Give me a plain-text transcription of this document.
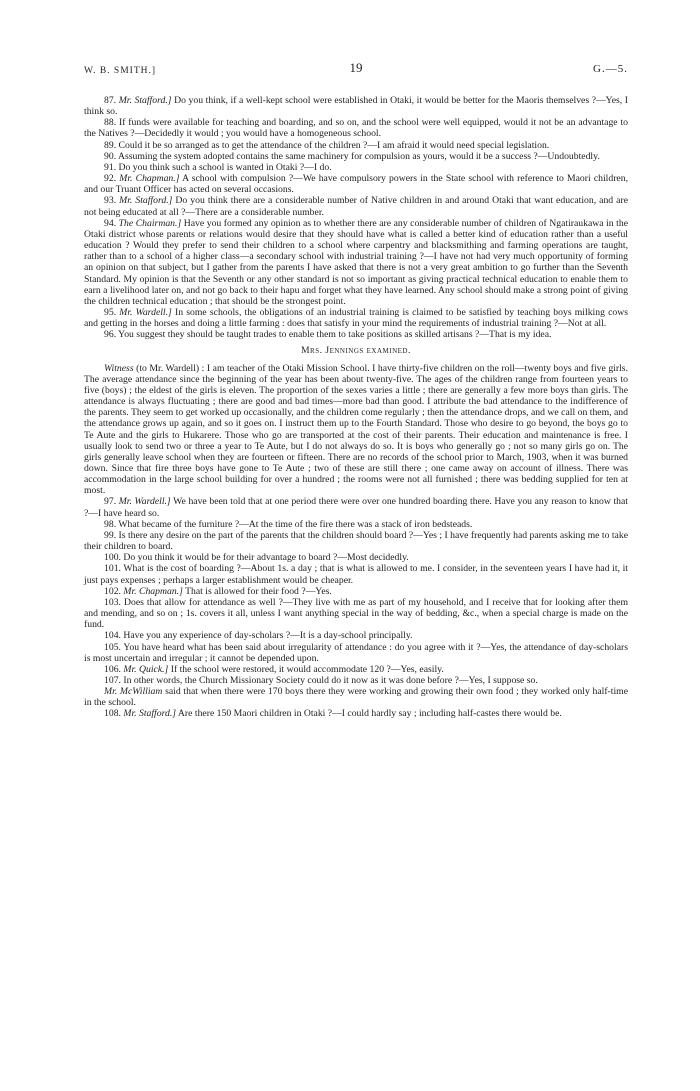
W. B. SMITH.]	19	G.—5.

87. Mr. Stafford.] Do you think, if a well-kept school were established in Otaki, it would be better for the Maoris themselves ?—Yes, I think so.

88. If funds were available for teaching and boarding, and so on, and the school were well equipped, would it not be an advantage to the Natives ?—Decidedly it would ; you would have a homogeneous school.

89. Could it be so arranged as to get the attendance of the children ?—I am afraid it would need special legislation.

90. Assuming the system adopted contains the same machinery for compulsion as yours, would it be a success ?—Undoubtedly.

91. Do you think such a school is wanted in Otaki ?—I do.

92. Mr. Chapman.] A school with compulsion ?—We have compulsory powers in the State school with reference to Maori children, and our Truant Officer has acted on several occasions.

93. Mr. Stafford.] Do you think there are a considerable number of Native children in and around Otaki that want education, and are not being educated at all ?—There are a considerable number.

94. The Chairman.] Have you formed any opinion as to whether there are any considerable number of children of Ngatiraukawa in the Otaki district whose parents or relations would desire that they should have what is called a better kind of education rather than a useful education ? Would they prefer to send their children to a school where carpentry and blacksmithing and farming operations are taught, rather than to a school of a higher class—a secondary school with industrial training ?—I have not had very much opportunity of forming an opinion on that subject, but I gather from the parents I have asked that there is not a very great ambition to go further than the Seventh Standard. My opinion is that the Seventh or any other standard is not so important as giving practical technical education to enable them to earn a livelihood later on, and not go back to their hapu and forget what they have learned. Any school should make a strong point of giving the children technical education ; that should be the strongest point.

95. Mr. Wardell.] In some schools, the obligations of an industrial training is claimed to be satisfied by teaching boys milking cows and getting in the horses and doing a little farming : does that satisfy in your mind the requirements of industrial training ?—Not at all.

96. You suggest they should be taught trades to enable them to take positions as skilled artisans ?—That is my idea.

Mrs. Jennings examined.

Witness (to Mr. Wardell) : I am teacher of the Otaki Mission School. I have thirty-five children on the roll—twenty boys and five girls. The average attendance since the beginning of the year has been about twenty-five. The ages of the children range from fourteen years to five (boys) ; the eldest of the girls is eleven. The proportion of the sexes varies a little ; there are generally a few more boys than girls. The attendance is always fluctuating ; there are good and bad times—more bad than good. I attribute the bad attendance to the indifference of the parents. They seem to get worked up occasionally, and the children come regularly ; then the attendance drops, and we call on them, and the attendance grows up again, and so it goes on. I instruct them up to the Fourth Standard. Those who desire to go beyond, the boys go to Te Aute and the girls to Hukarere. Those who go are transported at the cost of their parents. Their education and maintenance is free. I usually look to send two or three a year to Te Aute, but I do not always do so. It is boys who generally go ; not so many girls go on. The girls generally leave school when they are fourteen or fifteen. There are no records of the school prior to March, 1903, when it was burned down. Since that fire three boys have gone to Te Aute ; two of these are still there ; one came away on account of illness. There was accommodation in the large school building for over a hundred ; the rooms were not all furnished ; there was bedding supplied for ten at most.

97. Mr. Wardell.] We have been told that at one period there were over one hundred boarding there. Have you any reason to know that ?—I have heard so.

98. What became of the furniture ?—At the time of the fire there was a stack of iron bedsteads.

99. Is there any desire on the part of the parents that the children should board ?—Yes ; I have frequently had parents asking me to take their children to board.

100. Do you think it would be for their advantage to board ?—Most decidedly.

101. What is the cost of boarding ?—About 1s. a day ; that is what is allowed to me. I consider, in the seventeen years I have had it, it just pays expenses ; perhaps a larger establishment would be cheaper.

102. Mr. Chapman.] That is allowed for their food ?—Yes.

103. Does that allow for attendance as well ?—They live with me as part of my household, and I receive that for looking after them and mending, and so on ; 1s. covers it all, unless I want anything special in the way of bedding, &c., when a special charge is made on the fund.

104. Have you any experience of day-scholars ?—It is a day-school principally.

105. You have heard what has been said about irregularity of attendance : do you agree with it ?—Yes, the attendance of day-scholars is most uncertain and irregular ; it cannot be depended upon.

106. Mr. Quick.] If the school were restored, it would accommodate 120 ?—Yes, easily.

107. In other words, the Church Missionary Society could do it now as it was done before ?—Yes, I suppose so.

Mr. McWilliam said that when there were 170 boys there they were working and growing their own food ; they worked only half-time in the school.

108. Mr. Stafford.] Are there 150 Maori children in Otaki ?—I could hardly say ; including half-castes there would be.
